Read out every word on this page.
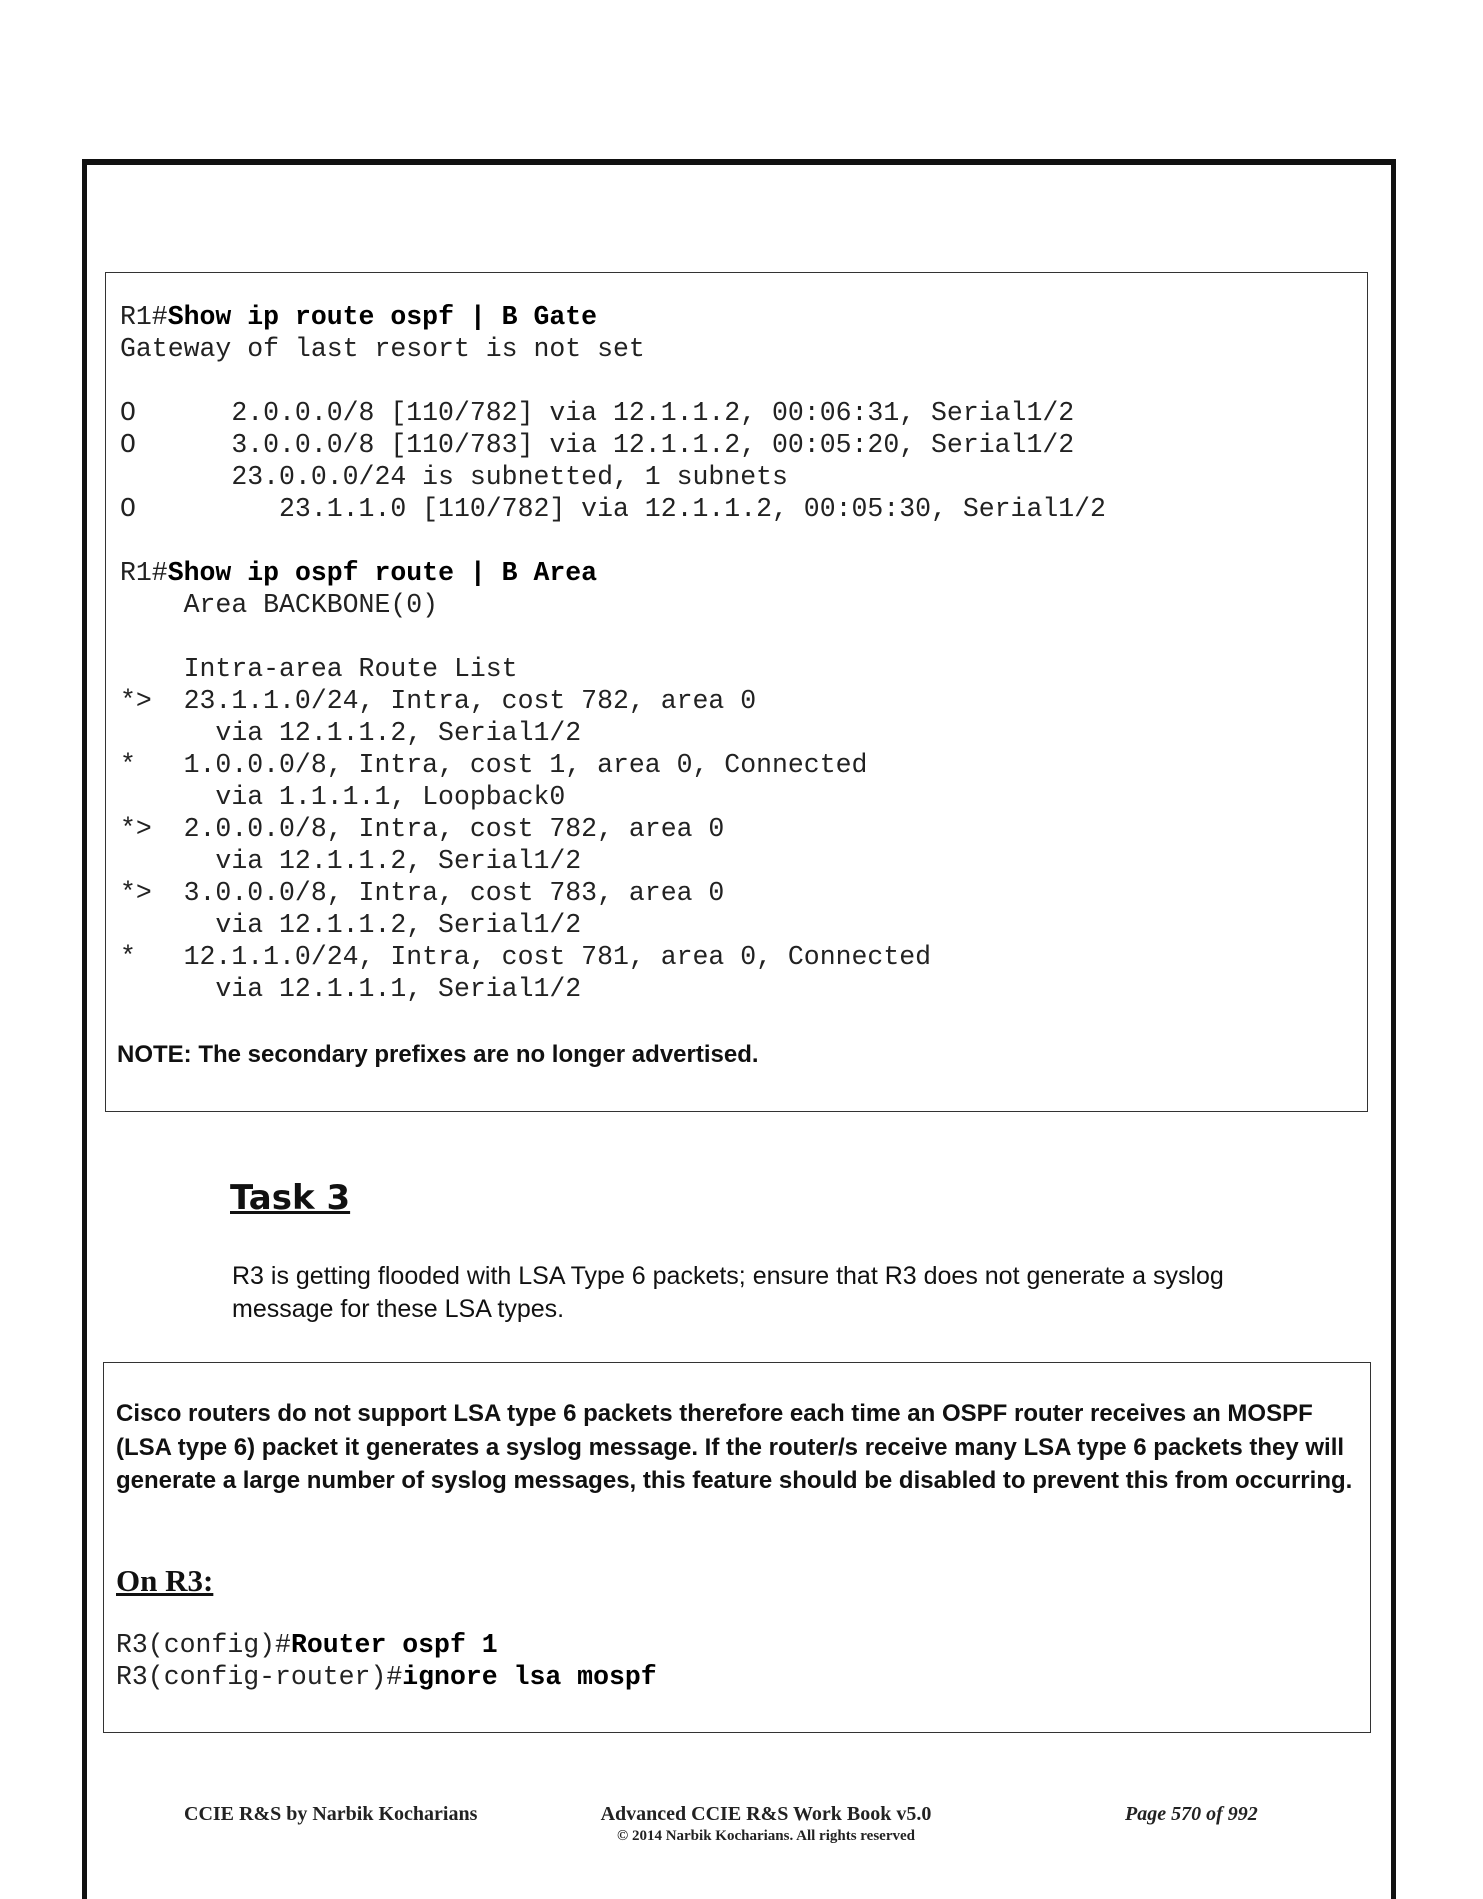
R1#Show ip route ospf | B Gate
Gateway of last resort is not set

O      2.0.0.0/8 [110/782] via 12.1.1.2, 00:06:31, Serial1/2
O      3.0.0.0/8 [110/783] via 12.1.1.2, 00:05:20, Serial1/2
23.0.0.0/24 is subnetted, 1 subnets
O         23.1.1.0 [110/782] via 12.1.1.2, 00:05:30, Serial1/2

R1#Show ip ospf route | B Area
Area BACKBONE(0)

Intra-area Route List
*>  23.1.1.0/24, Intra, cost 782, area 0
via 12.1.1.2, Serial1/2
*   1.0.0.0/8, Intra, cost 1, area 0, Connected
via 1.1.1.1, Loopback0
*>  2.0.0.0/8, Intra, cost 782, area 0
via 12.1.1.2, Serial1/2
*>  3.0.0.0/8, Intra, cost 783, area 0
via 12.1.1.2, Serial1/2
*   12.1.1.0/24, Intra, cost 781, area 0, Connected
via 12.1.1.1, Serial1/2
NOTE: The secondary prefixes are no longer advertised.
Task 3
R3 is getting flooded with LSA Type 6 packets; ensure that R3 does not generate a syslog message for these LSA types.
Cisco routers do not support LSA type 6 packets therefore each time an OSPF router receives an MOSPF (LSA type 6) packet it generates a syslog message. If the router/s receive many LSA type 6 packets they will generate a large number of syslog messages, this feature should be disabled to prevent this from occurring.
On R3:
R3(config)#Router ospf 1
R3(config-router)#ignore lsa mospf
CCIE R&S by Narbik Kocharians	Advanced CCIE R&S Work Book v5.0
© 2014 Narbik Kocharians. All rights reserved
Page 570 of 992
